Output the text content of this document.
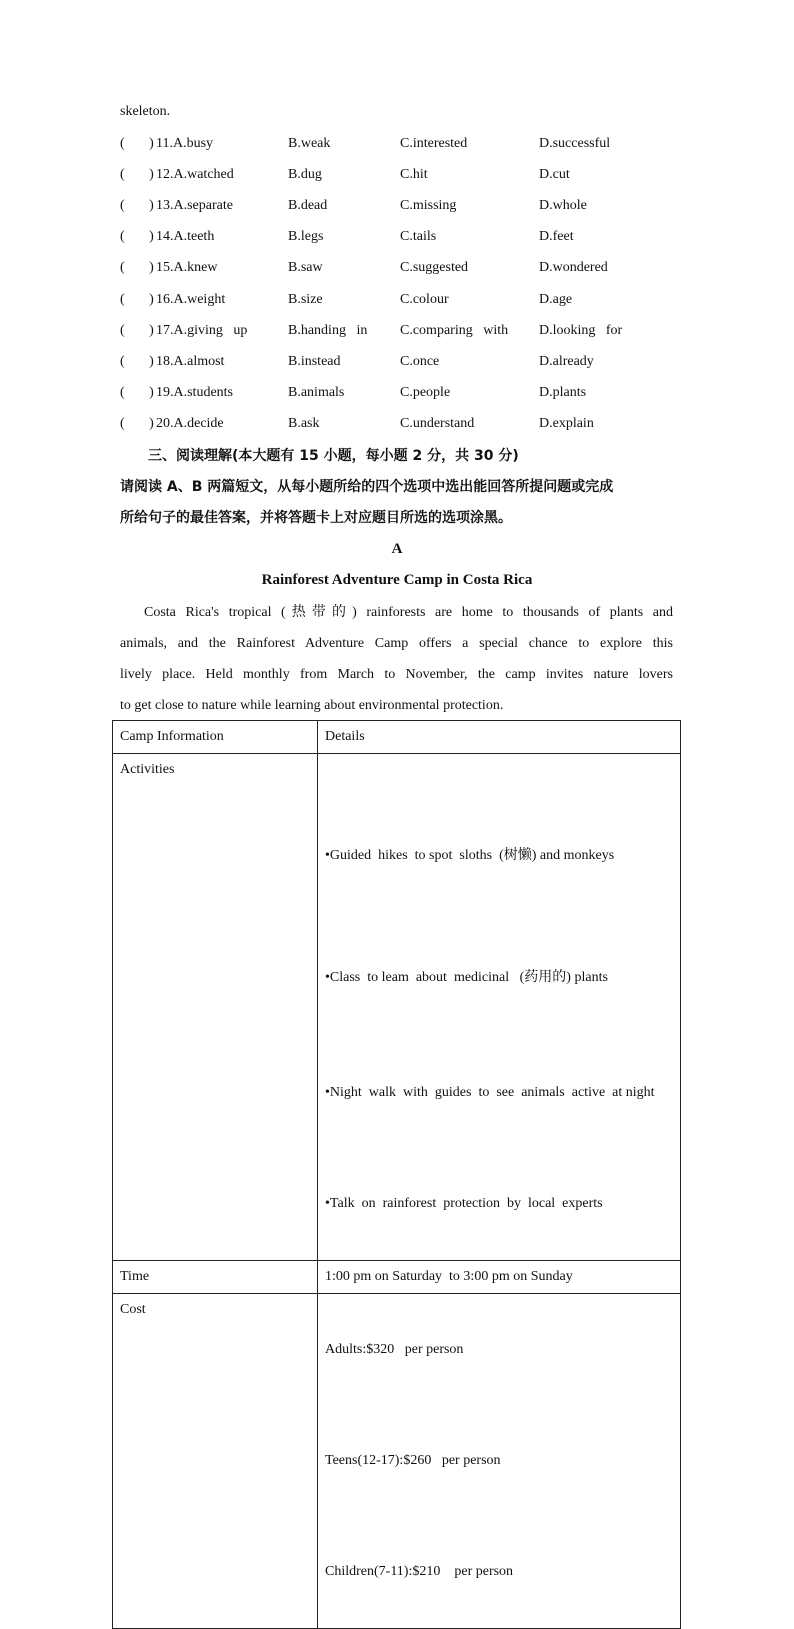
skeleton.
(       ) 11.A.busy	B.weak	C.interested	D.successful
(       ) 12.A.watched	B.dug	C.hit	D.cut
(       ) 13.A.separate	B.dead	C.missing	D.whole
(       ) 14.A.teeth	B.legs	C.tails	D.feet
(       ) 15.A.knew	B.saw	C.suggested	D.wondered
(       ) 16.A.weight	B.size	C.colour	D.age
(       ) 17.A.giving   up	B.handing   in C.comparing   with D.looking   for
(       ) 18.A.almost	B.instead	C.once	D.already
(       ) 19.A.students	B.animals	C.people	D.plants
(       ) 20.A.decide	B.ask	C.understand	D.explain
三、阅读理解(本大题有 15 小题，每小题 2 分，共 30 分)
请阅读 A、B 两篇短文，从每小题所给的四个选项中选出能回答所提问题或完成
所给句子的最佳答案，并将答题卡上对应题目所选的选项涂黑。
A
Rainforest Adventure Camp in Costa Rica
Costa Rica's tropical (热带的) rainforests are home to thousands of plants and
animals, and the Rainforest Adventure Camp offers a special chance to explore this
lively place. Held monthly from March to November, the camp invites nature lovers
to get close to nature while learning about environmental protection.
Camp Information	Details
Activities	•Guided  hikes  to spot  sloths  (树懒) and monkeys

•Class  to leam  about  medicinal   (药用的) plants

•Night  walk  with  guides  to  see  animals  active  at night

•Talk  on  rainforest  protection  by  local  experts

Time	1:00 pm on Saturday  to 3:00 pm on Sunday
Cost	Adults:$320   per person

Teens(12-17):$260   per person

Children(7-11):$210    per person
